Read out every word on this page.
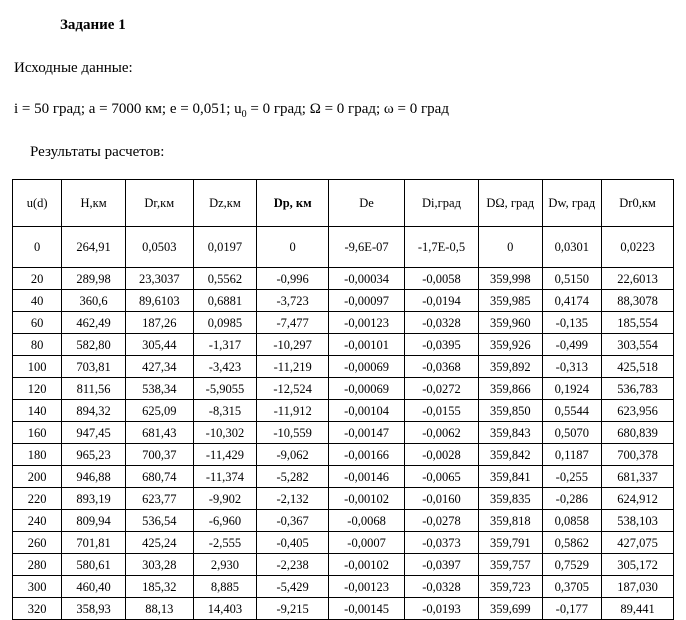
Задание 1
Исходные данные:
i = 50 град; a = 7000 км; e = 0,051; $u_0 = 0$ град; Ω = 0 град; ω = 0 град
Результаты расчетов:
u(d)	H,км	Dr,км	Dz,км	Dp, км	De	Di,град	DΩ, град	Dw, град	Dr0,км
0	264,91	0,0503	0,0197	0	-9,6Е-07	-1,7Е-0,5	0	0,0301	0,0223
20	289,98	23,3037	0,5562	-0,996	-0,00034	-0,0058	359,998	0,5150	22,6013
40	360,6	89,6103	0,6881	-3,723	-0,00097	-0,0194	359,985	0,4174	88,3078
60	462,49	187,26	0,0985	-7,477	-0,00123	-0,0328	359,960	-0,135	185,554
80	582,80	305,44	-1,317	-10,297	-0,00101	-0,0395	359,926	-0,499	303,554
100	703,81	427,34	-3,423	-11,219	-0,00069	-0,0368	359,892	-0,313	425,518
120	811,56	538,34	-5,9055	-12,524	-0,00069	-0,0272	359,866	0,1924	536,783
140	894,32	625,09	-8,315	-11,912	-0,00104	-0,0155	359,850	0,5544	623,956
160	947,45	681,43	-10,302	-10,559	-0,00147	-0,0062	359,843	0,5070	680,839
180	965,23	700,37	-11,429	-9,062	-0,00166	-0,0028	359,842	0,1187	700,378
200	946,88	680,74	-11,374	-5,282	-0,00146	-0,0065	359,841	-0,255	681,337
220	893,19	623,77	-9,902	-2,132	-0,00102	-0,0160	359,835	-0,286	624,912
240	809,94	536,54	-6,960	-0,367	-0,0068	-0,0278	359,818	0,0858	538,103
260	701,81	425,24	-2,555	-0,405	-0,0007	-0,0373	359,791	0,5862	427,075
280	580,61	303,28	2,930	-2,238	-0,00102	-0,0397	359,757	0,7529	305,172
300	460,40	185,32	8,885	-5,429	-0,00123	-0,0328	359,723	0,3705	187,030
320	358,93	88,13	14,403	-9,215	-0,00145	-0,0193	359,699	-0,177	89,441
